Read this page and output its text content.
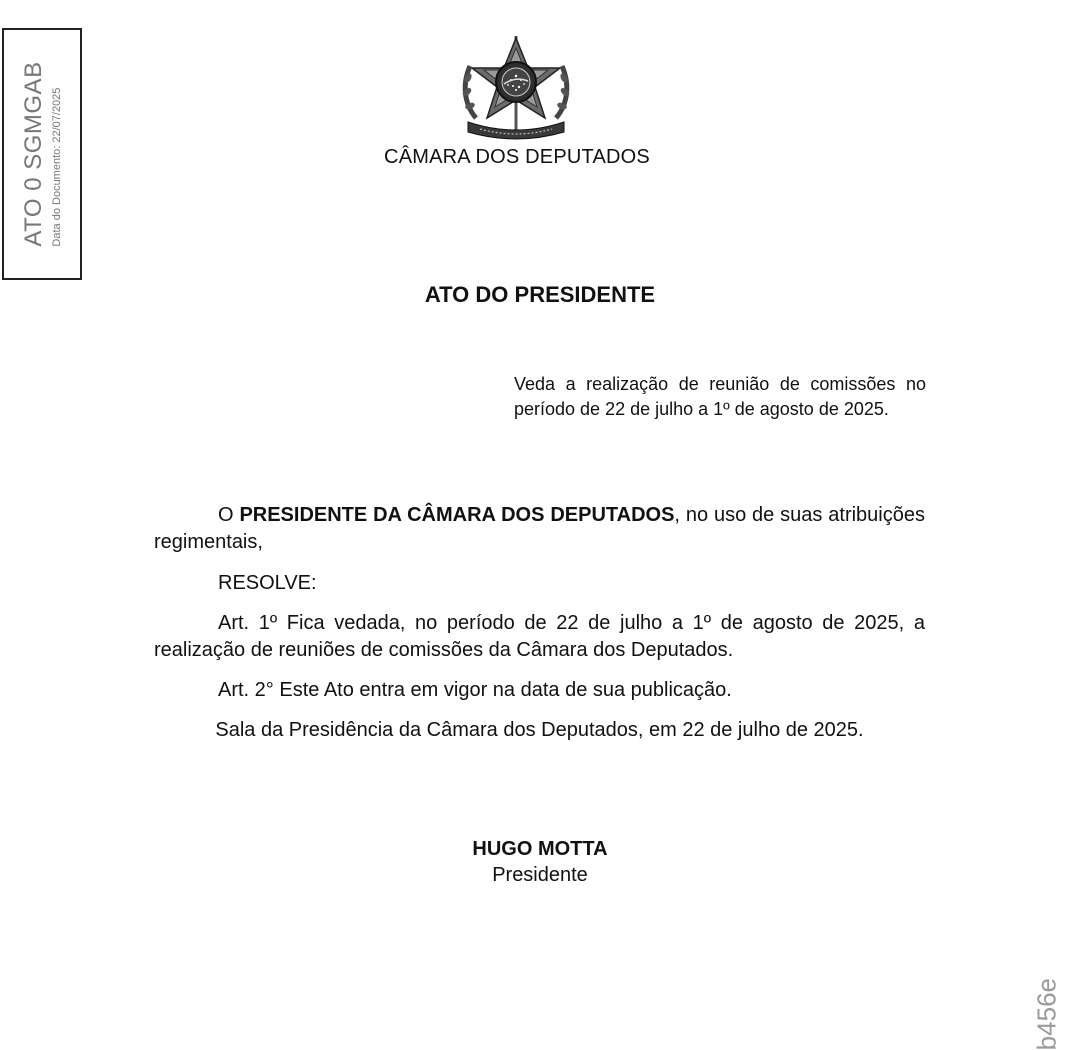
ATO 0 SGMGAB Data do Documento: 22/07/2025	CÂMARA DOS DEPUTADOS
ATO DO PRESIDENTE
Veda a realização de reunião de comissões no período de 22 de julho a 1º de agosto de 2025.

O PRESIDENTE DA CÂMARA DOS DEPUTADOS, no uso de suas atribuições regimentais,

RESOLVE:

Art. 1º Fica vedada, no período de 22 de julho a 1º de agosto de 2025, a realização de reuniões de comissões da Câmara dos Deputados.

Art. 2° Este Ato entra em vigor na data de sua publicação.

Sala da Presidência da Câmara dos Deputados, em 22 de julho de 2025.

HUGO MOTTA
Presidente
b456e
